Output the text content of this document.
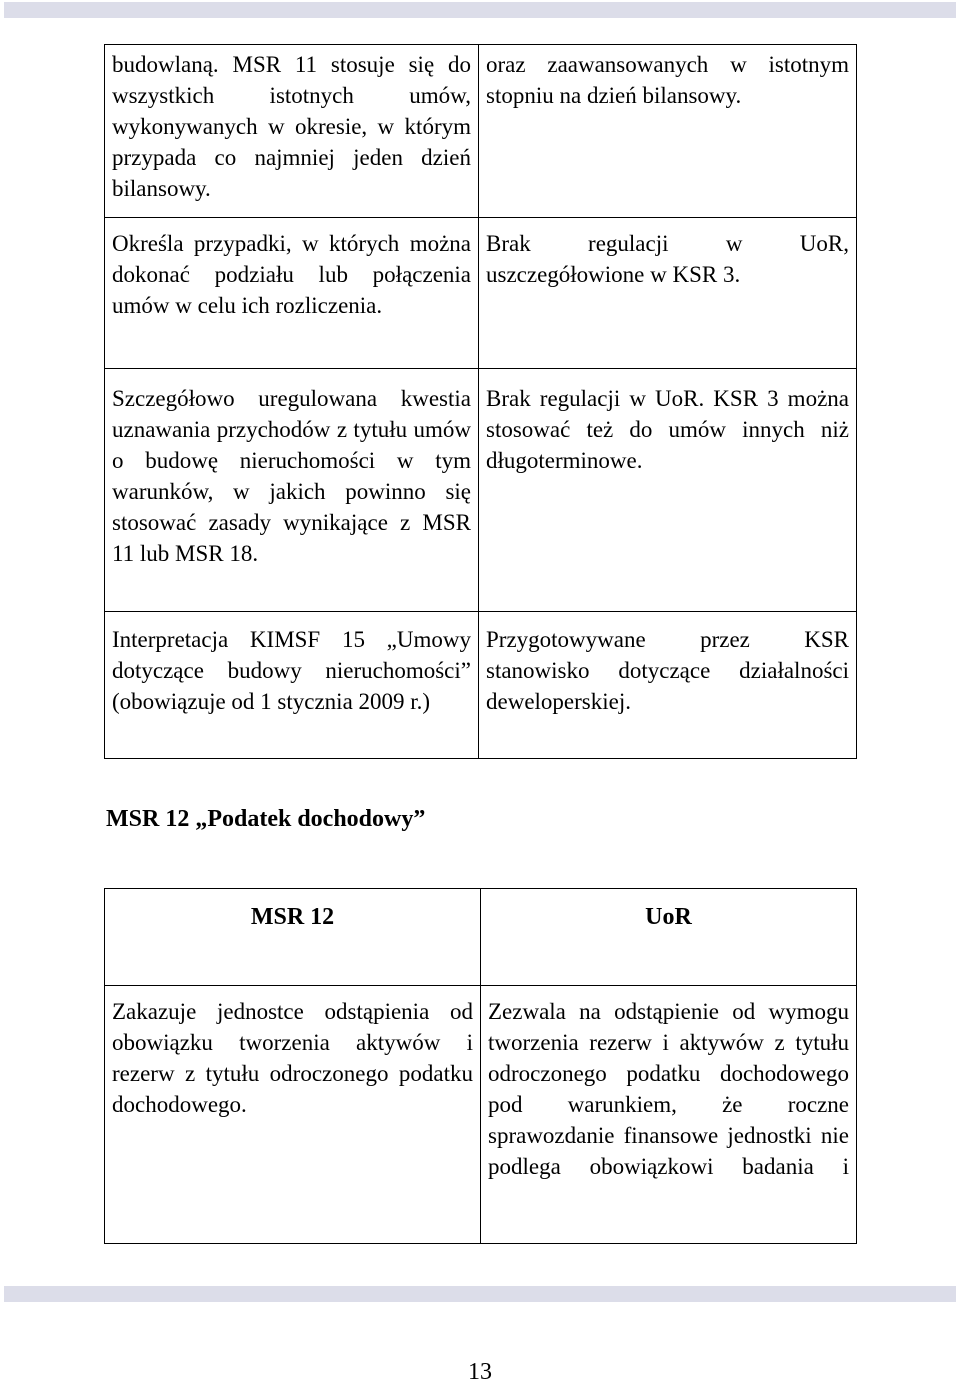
budowlaną. MSR 11 stosuje się do wszystkich istotnych umów, wykonywanych w okresie, w którym przypada co najmniej jeden dzień bilansowy.	oraz zaawansowanych w istotnym stopniu na dzień bilansowy.
Określa przypadki, w których można dokonać podziału lub połączenia umów w celu ich rozliczenia.	Brak regulacji w UoR, uszczegółowione w KSR 3.
Szczegółowo uregulowana kwestia uznawania przychodów z tytułu umów o budowę nieruchomości w tym warunków, w jakich powinno się stosować zasady wynikające z MSR 11 lub MSR 18.	Brak regulacji w UoR. KSR 3 można stosować też do umów innych niż długoterminowe.
Interpretacja KIMSF 15 „Umowy dotyczące budowy nieruchomości” (obowiązuje od 1 stycznia 2009 r.)	Przygotowywane przez KSR stanowisko dotyczące działalności deweloperskiej.
MSR 12 „Podatek dochodowy”
MSR 12	UoR
Zakazuje jednostce odstąpienia od obowiązku tworzenia aktywów i rezerw z tytułu odroczonego podatku dochodowego.	Zezwala na odstąpienie od wymogu tworzenia rezerw i aktywów z tytułu odroczonego podatku dochodowego pod warunkiem, że roczne sprawozdanie finansowe jednostki nie podlega obowiązkowi badania i
13
